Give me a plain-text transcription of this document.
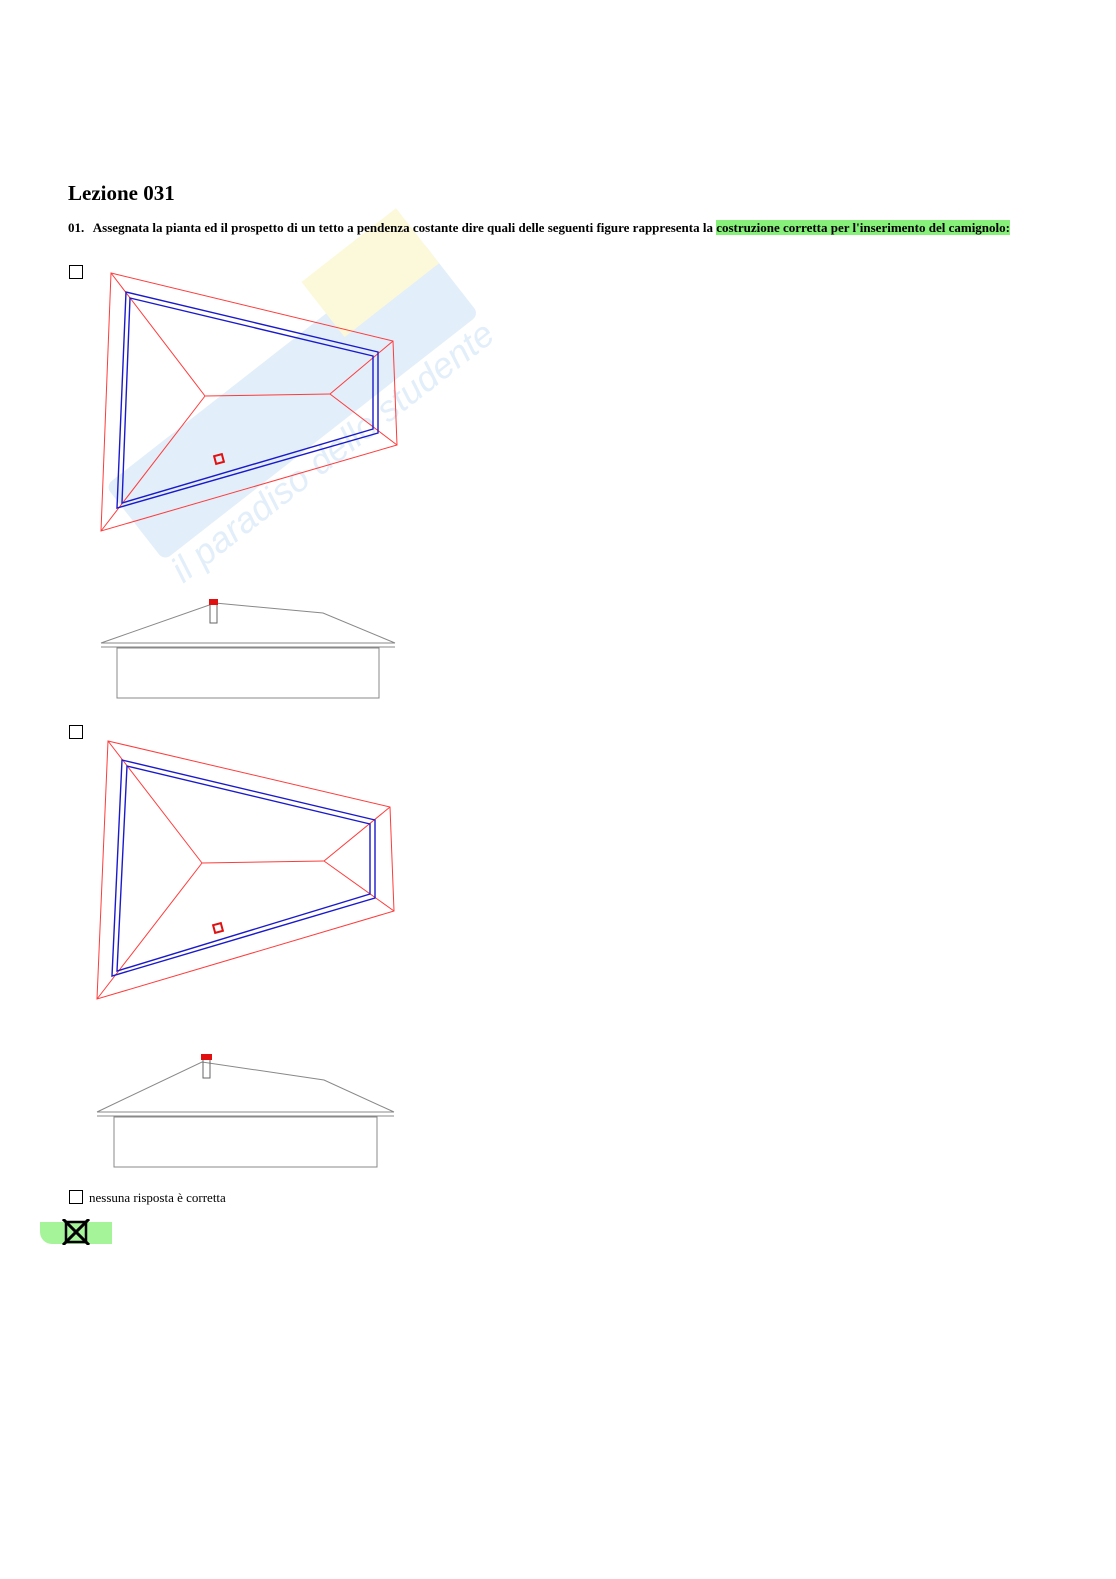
il paradiso dello studente
Lezione 031
01. Assegnata la pianta ed il prospetto di un tetto a pendenza costante dire quali delle seguenti figure rappresenta la costruzione corretta per l'inserimento del camignolo:
nessuna risposta è corretta
